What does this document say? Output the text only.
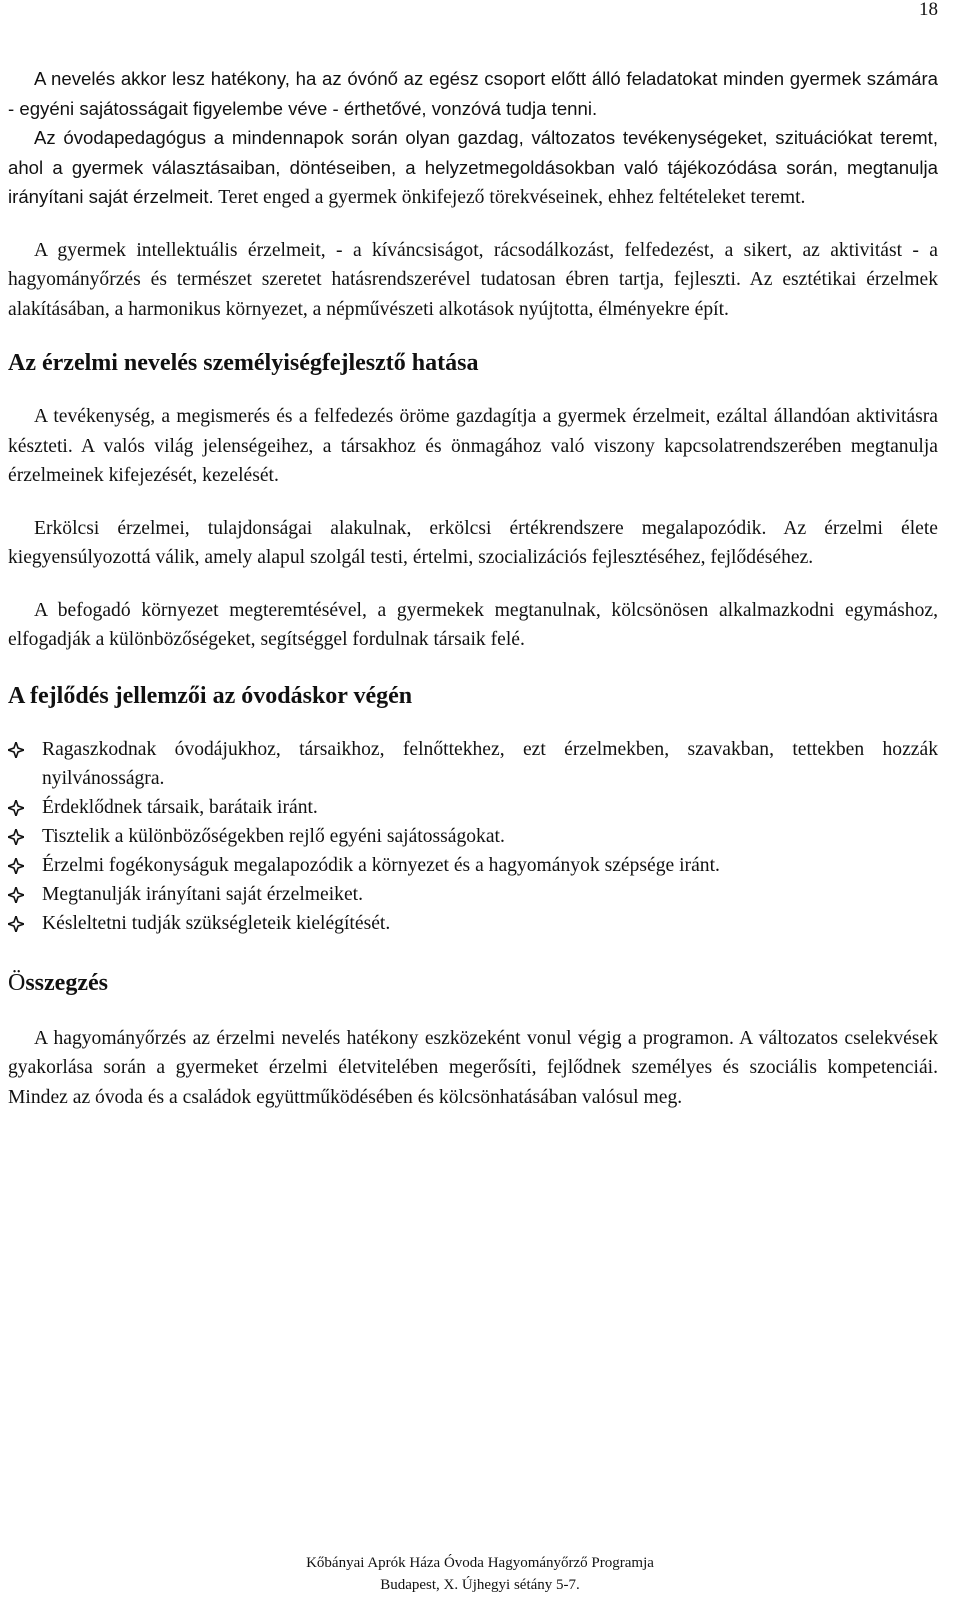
18

A nevelés akkor lesz hatékony, ha az óvónő az egész csoport előtt álló feladatokat minden gyermek számára - egyéni sajátosságait figyelembe véve - érthetővé, vonzóvá tudja tenni.

Az óvodapedagógus a mindennapok során olyan gazdag, változatos tevékenységeket, szituációkat teremt, ahol a gyermek választásaiban, döntéseiben, a helyzetmegoldásokban való tájékozódása során, megtanulja irányítani saját érzelmeit. Teret enged a gyermek önkifejező törekvéseinek, ehhez feltételeket teremt.

A gyermek intellektuális érzelmeit, - a kíváncsiságot, rácsodálkozást, felfedezést, a sikert, az aktivitást - a hagyományőrzés és természet szeretet hatásrendszerével tudatosan ébren tartja, fejleszti. Az esztétikai érzelmek alakításában, a harmonikus környezet, a népművészeti alkotások nyújtotta, élményekre épít.

Az érzelmi nevelés személyiségfejlesztő hatása

A tevékenység, a megismerés és a felfedezés öröme gazdagítja a gyermek érzelmeit, ezáltal állandóan aktivitásra készteti. A valós világ jelenségeihez, a társakhoz és önmagához való viszony kapcsolatrendszerében megtanulja érzelmeinek kifejezését, kezelését.

Erkölcsi érzelmei, tulajdonságai alakulnak, erkölcsi értékrendszere megalapozódik. Az érzelmi élete kiegyensúlyozottá válik, amely alapul szolgál testi, értelmi, szocializációs fejlesztéséhez, fejlődéséhez.

A befogadó környezet megteremtésével, a gyermekek megtanulnak, kölcsönösen alkalmazkodni egymáshoz, elfogadják a különbözőségeket, segítséggel fordulnak társaik felé.

A fejlődés jellemzői az óvodáskor végén
Ragaszkodnak óvodájukhoz, társaikhoz, felnőttekhez, ezt érzelmekben, szavakban, tettekben hozzák nyilvánosságra.
Érdeklődnek társaik, barátaik iránt.
Tisztelik a különbözőségekben rejlő egyéni sajátosságokat.
Érzelmi fogékonyságuk megalapozódik a környezet és a hagyományok szépsége iránt.
Megtanulják irányítani saját érzelmeiket.
Késleltetni tudják szükségleteik kielégítését.
Összegzés

A hagyományőrzés az érzelmi nevelés hatékony eszközeként vonul végig a programon. A változatos cselekvések gyakorlása során a gyermeket érzelmi életvitelében megerősíti, fejlődnek személyes és szociális kompetenciái. Mindez az óvoda és a családok együttműködésében és kölcsönhatásában valósul meg.

Kőbányai Aprók Háza Óvoda Hagyományőrző Programja
Budapest, X. Újhegyi sétány 5-7.
